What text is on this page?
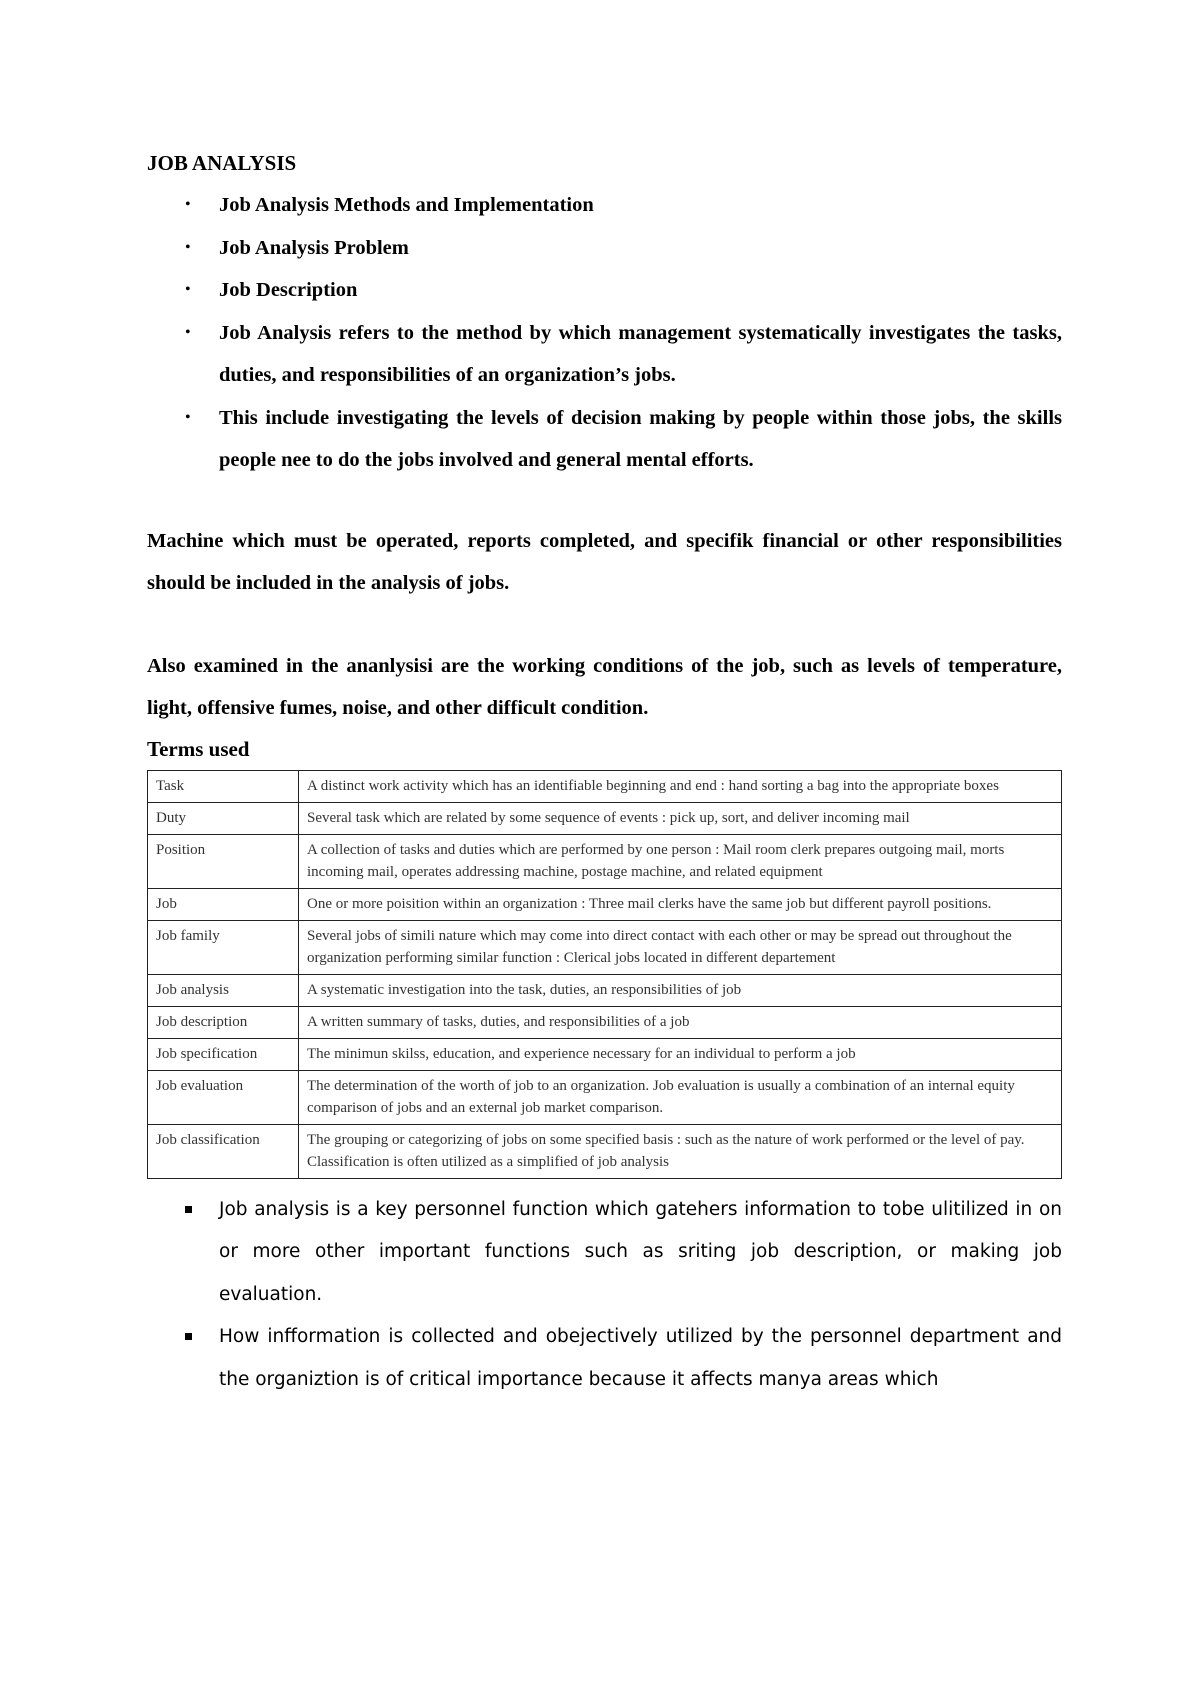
JOB ANALYSIS

• Job Analysis Methods and Implementation
• Job Analysis Problem
• Job Description
• Job Analysis refers to the method by which management systematically investigates the tasks, duties, and responsibilities of an organization’s jobs.
• This include investigating the levels of decision making by people within those jobs, the skills people nee to do the jobs involved and general mental efforts.

Machine which must be operated, reports completed, and specifik financial or other responsibilities should be included in the analysis of jobs.

Also examined in the ananlysisi are the working conditions of the job, such as levels of temperature, light, offensive fumes, noise, and other difficult condition.

Terms used

Task	A distinct work activity which has an identifiable beginning and end : hand sorting a bag into the appropriate boxes
Duty	Several task which are related by some sequence of events : pick up, sort, and deliver incoming mail
Position	A collection of tasks and duties which are performed by one person : Mail room clerk prepares outgoing mail, morts incoming mail, operates addressing machine, postage machine, and related equipment
Job	One or more poisition within an organization : Three mail clerks have the same job but different payroll positions.
Job family	Several jobs of simili nature which may come into direct contact with each other or may be spread out throughout the organization performing similar function : Clerical jobs located in different departement
Job analysis	A systematic investigation into the task, duties, an responsibilities of job
Job description	A written summary of tasks, duties, and responsibilities of a job
Job specification	The minimun skilss, education, and experience necessary for an individual to perform a job
Job evaluation	The determination of the worth of job to an organization. Job evaluation is usually a combination of an internal equity comparison of jobs and an external job market comparison.
Job classification	The grouping or categorizing of jobs on some specified basis : such as the nature of work performed or the level of pay. Classification is often utilized as a simplified of job analysis
Job analysis is a key personnel function which gatehers information to tobe ulitilized in on or more other important functions such as sriting job description, or making job evaluation.
How infformation is collected and obejectively utilized by the personnel department and the organiztion is of critical importance because it affects manya areas which
